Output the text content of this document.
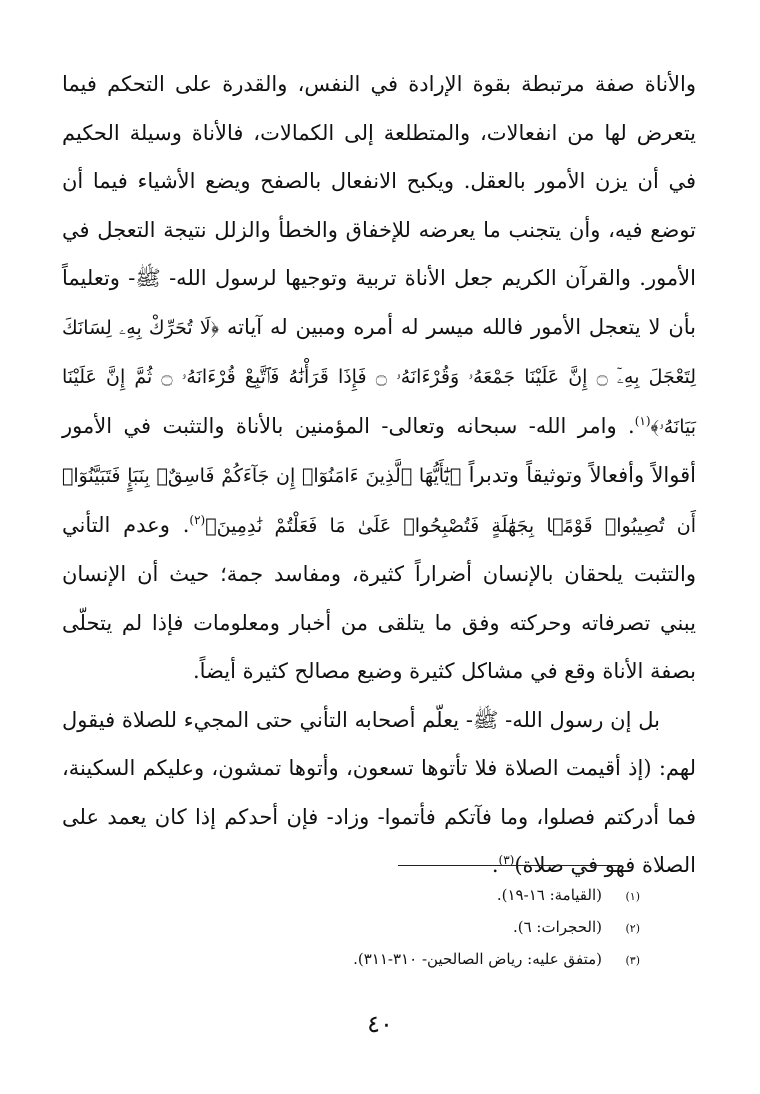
والأناة صفة مرتبطة بقوة الإرادة في النفس، والقدرة على التحكم فيما يتعرض لها من انفعالات، والمتطلعة إلى الكمالات، فالأناة وسيلة الحكيم في أن يزن الأمور بالعقل. ويكبح الانفعال بالصفح ويضع الأشياء فيما أن توضع فيه، وأن يتجنب ما يعرضه للإخفاق والخطأ والزلل نتيجة التعجل في الأمور. والقرآن الكريم جعل الأناة تربية وتوجيها لرسول الله- ﷺ- وتعليماً بأن لا يتعجل الأمور فالله ميسر له أمره ومبين له آياته ﴿لَا تُحَرِّكْ بِهِۦ لِسَانَكَ لِتَعْجَلَ بِهِۦٓ ۝ إِنَّ عَلَيْنَا جَمْعَهُۥ وَقُرْءَانَهُۥ ۝ فَإِذَا قَرَأْنَٰهُ فَٱتَّبِعْ قُرْءَانَهُۥ ۝ ثُمَّ إِنَّ عَلَيْنَا بَيَانَهُۥ﴾$^{(١)}$. وامر الله- سبحانه وتعالى- المؤمنين بالأناة والتثبت في الأمور أقوالاً وأفعالاً وتوثيقاً وتدبراً ﴿يَٰٓأَيُّهَا ٱلَّذِينَ ءَامَنُوٓا۟ إِن جَآءَكُمْ فَاسِقٌۢ بِنَبَإٍ فَتَبَيَّنُوٓا۟ أَن تُصِيبُوا۟ قَوْمًۢا بِجَهَٰلَةٍ فَتُصْبِحُوا۟ عَلَىٰ مَا فَعَلْتُمْ نَٰدِمِينَ﴾$^{(٢)}$. وعدم التأني والتثبت يلحقان بالإنسان أضراراً كثيرة، ومفاسد جمة؛ حيث أن الإنسان يبني تصرفاته وحركته وفق ما يتلقى من أخبار ومعلومات فإذا لم يتحلّى بصفة الأناة وقع في مشاكل كثيرة وضيع مصالح كثيرة أيضاً.

بل إن رسول الله- ﷺ- يعلّم أصحابه التأني حتى المجيء للصلاة فيقول لهم: (إذ أقيمت الصلاة فلا تأتوها تسعون، وأتوها تمشون، وعليكم السكينة، فما أدركتم فصلوا، وما فآتكم فأتموا- وزاد- فإن أحدكم إذا كان يعمد على الصلاة فهو في صلاة)$^{(٣)}$.

(١)
(القيامة: ١٦-١٩).
(٢)
(الحجرات: ٦).
(٣)
(متفق عليه: رياض الصالحين- ٣١٠-٣١١).
٤٠
